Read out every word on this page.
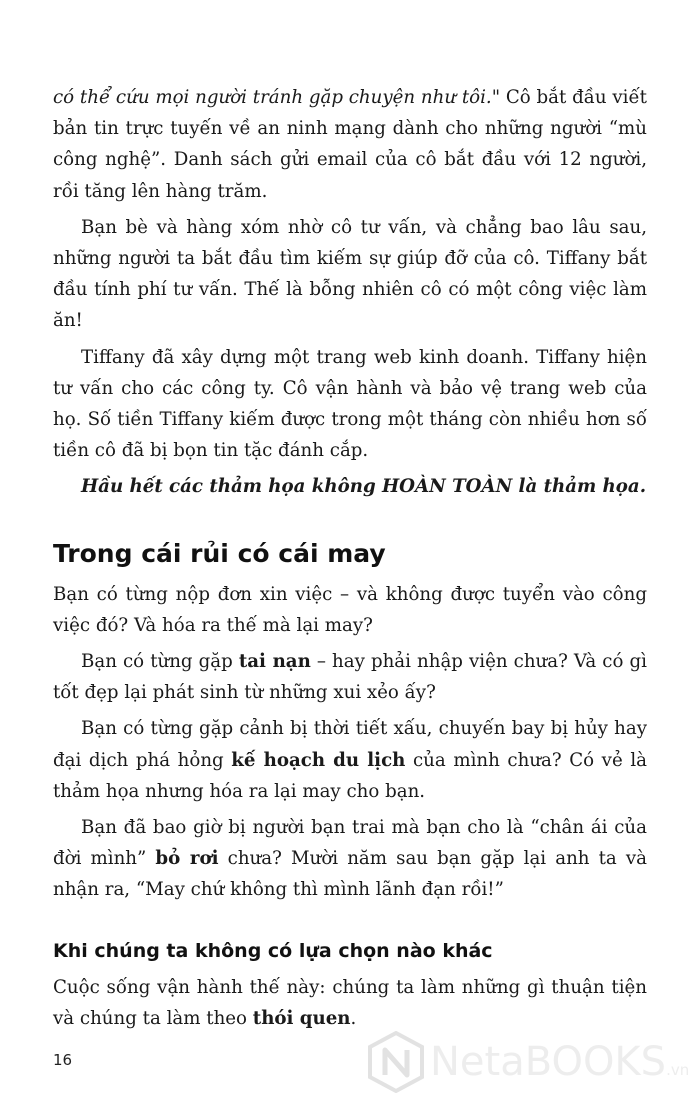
có thể cứu mọi người tránh gặp chuyện như tôi." Cô bắt đầu viết bản tin trực tuyến về an ninh mạng dành cho những người “mù công nghệ”. Danh sách gửi email của cô bắt đầu với 12 người, rồi tăng lên hàng trăm.

Bạn bè và hàng xóm nhờ cô tư vấn, và chẳng bao lâu sau, những người ta bắt đầu tìm kiếm sự giúp đỡ của cô. Tiffany bắt đầu tính phí tư vấn. Thế là bỗng nhiên cô có một công việc làm ăn!

Tiffany đã xây dựng một trang web kinh doanh. Tiffany hiện tư vấn cho các công ty. Cô vận hành và bảo vệ trang web của họ. Số tiền Tiffany kiếm được trong một tháng còn nhiều hơn số tiền cô đã bị bọn tin tặc đánh cắp.

Hầu hết các thảm họa không HOÀN TOÀN là thảm họa.

Trong cái rủi có cái may

Bạn có từng nộp đơn xin việc – và không được tuyển vào công việc đó? Và hóa ra thế mà lại may?

Bạn có từng gặp tai nạn – hay phải nhập viện chưa? Và có gì tốt đẹp lại phát sinh từ những xui xẻo ấy?

Bạn có từng gặp cảnh bị thời tiết xấu, chuyến bay bị hủy hay đại dịch phá hỏng kế hoạch du lịch của mình chưa? Có vẻ là thảm họa nhưng hóa ra lại may cho bạn.

Bạn đã bao giờ bị người bạn trai mà bạn cho là “chân ái của đời mình” bỏ rơi chưa? Mười năm sau bạn gặp lại anh ta và nhận ra, “May chứ không thì mình lãnh đạn rồi!”

Khi chúng ta không có lựa chọn nào khác

Cuộc sống vận hành thế này: chúng ta làm những gì thuận tiện và chúng ta làm theo thói quen.

16	NetaBOOKS.vn
